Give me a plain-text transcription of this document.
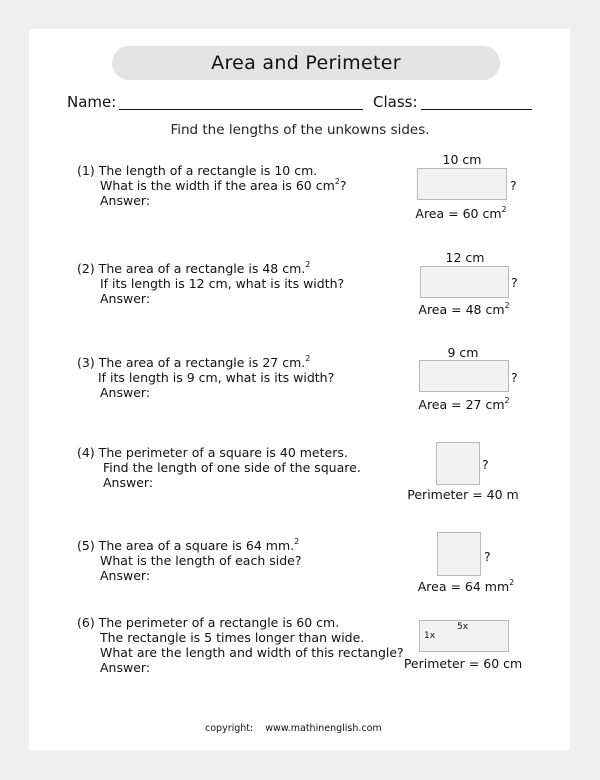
Area and Perimeter
Name:	Class:
Find the lengths of the unkowns sides.
(1) The length of a rectangle is 10 cm.
What is the width if the area is 60 $cm^2$?
Answer:
10 cm
?
Area = 60 $cm^2$
(2) The area of a rectangle is 48 cm.$^2$
If its length is 12 cm, what is its width?
Answer:
12 cm
?
Area = 48 $cm^2$
(3) The area of a rectangle is 27 cm.$^2$
If its length is 9 cm, what is its width?
Answer:
9 cm
?
Area = 27 $cm^2$
(4) The perimeter of a square is 40 meters.
Find the length of one side of the square.
Answer:
?
Perimeter = 40 m
(5) The area of a square is 64 mm.$^2$
What is the length of each side?
Answer:
?
Area = 64 $mm^2$
(6) The perimeter of a rectangle is 60 cm.
The rectangle is 5 times longer than wide.
What are the length and width of this rectangle?
Answer:
5x
1x
Perimeter = 60 cm
copyright:    www.mathinenglish.com
